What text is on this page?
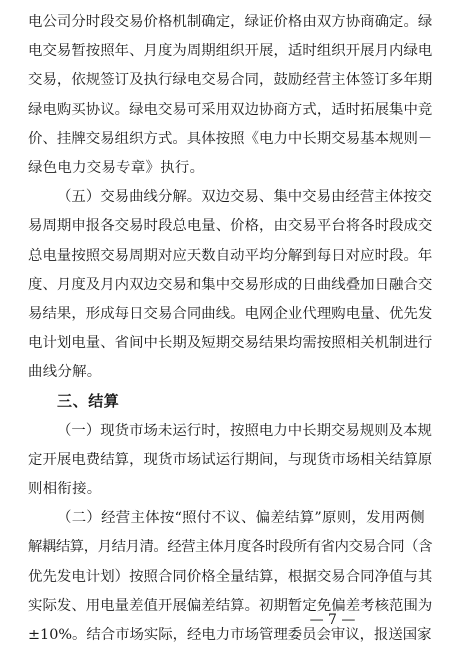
电公司分时段交易价格机制确定，绿证价格由双方协商确定。绿
电交易暂按照年、月度为周期组织开展，适时组织开展月内绿电
交易，依规签订及执行绿电交易合同，鼓励经营主体签订多年期
绿电购买协议。绿电交易可采用双边协商方式，适时拓展集中竞
价、挂牌交易组织方式。具体按照《电力中长期交易基本规则－
绿色电力交易专章》执行。
（五）交易曲线分解。双边交易、集中交易由经营主体按交
易周期申报各交易时段总电量、价格，由交易平台将各时段成交
总电量按照交易周期对应天数自动平均分解到每日对应时段。年
度、月度及月内双边交易和集中交易形成的日曲线叠加日融合交
易结果，形成每日交易合同曲线。电网企业代理购电量、优先发
电计划电量、省间中长期及短期交易结果均需按照相关机制进行
曲线分解。
三、结算
（一）现货市场未运行时，按照电力中长期交易规则及本规
定开展电费结算，现货市场试运行期间，与现货市场相关结算原
则相衔接。
（二）经营主体按“照付不议、偏差结算”原则，发用两侧
解耦结算，月结月清。经营主体月度各时段所有省内交易合同（含
优先发电计划）按照合同价格全量结算，根据交易合同净值与其
实际发、用电量差值开展偏差结算。初期暂定免偏差考核范围为
±10%。结合市场实际，经电力市场管理委员会审议，报送国家
— 7 —
